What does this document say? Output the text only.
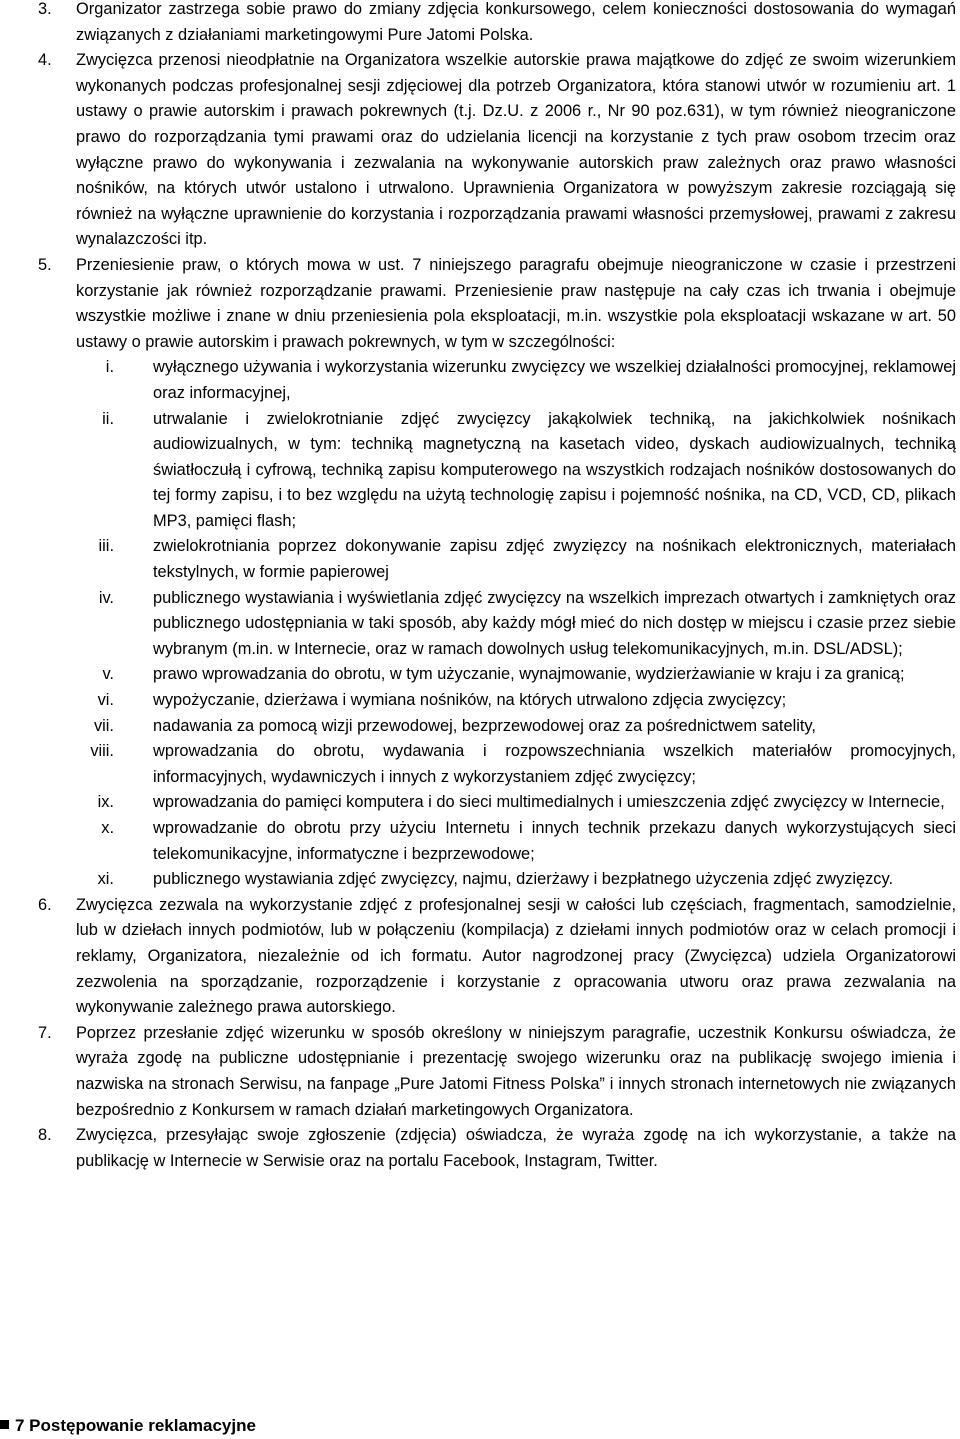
3. Organizator zastrzega sobie prawo do zmiany zdjęcia konkursowego, celem konieczności dostosowania do wymagań związanych z działaniami marketingowymi Pure Jatomi Polska.
4. Zwycięzca przenosi nieodpłatnie na Organizatora wszelkie autorskie prawa majątkowe do zdjęć ze swoim wizerunkiem wykonanych podczas profesjonalnej sesji zdjęciowej dla potrzeb Organizatora, która stanowi utwór w rozumieniu art. 1 ustawy o prawie autorskim i prawach pokrewnych (t.j. Dz.U. z 2006 r., Nr 90 poz.631), w tym również nieograniczone prawo do rozporządzania tymi prawami oraz do udzielania licencji na korzystanie z tych praw osobom trzecim oraz wyłączne prawo do wykonywania i zezwalania na wykonywanie autorskich praw zależnych oraz prawo własności nośników, na których utwór ustalono i utrwalono. Uprawnienia Organizatora w powyższym zakresie rozciągają się również na wyłączne uprawnienie do korzystania i rozporządzania prawami własności przemysłowej, prawami z zakresu wynalazczości itp.
5. Przeniesienie praw, o których mowa w ust. 7 niniejszego paragrafu obejmuje nieograniczone w czasie i przestrzeni korzystanie jak również rozporządzanie prawami. Przeniesienie praw następuje na cały czas ich trwania i obejmuje wszystkie możliwe i znane w dniu przeniesienia pola eksploatacji, m.in. wszystkie pola eksploatacji wskazane w art. 50 ustawy o prawie autorskim i prawach pokrewnych, w tym w szczególności:
i. wyłącznego używania i wykorzystania wizerunku zwycięzcy we wszelkiej działalności promocyjnej, reklamowej oraz informacyjnej,
ii. utrwalanie i zwielokrotnianie zdjęć zwycięzcy jakąkolwiek techniką, na jakichkolwiek nośnikach audiowizualnych, w tym: techniką magnetyczną na kasetach video, dyskach audiowizualnych, techniką światłoczułą i cyfrową, techniką zapisu komputerowego na wszystkich rodzajach nośników dostosowanych do tej formy zapisu, i to bez względu na użytą technologię zapisu i pojemność nośnika, na CD, VCD, CD, plikach MP3, pamięci flash;
iii. zwielokrotniania poprzez dokonywanie zapisu zdjęć zwyzięzcy na nośnikach elektronicznych, materiałach tekstylnych, w formie papierowej
iv. publicznego wystawiania i wyświetlania zdjęć zwycięzcy na wszelkich imprezach otwartych i zamkniętych oraz publicznego udostępniania w taki sposób, aby każdy mógł mieć do nich dostęp w miejscu i czasie przez siebie wybranym (m.in. w Internecie, oraz w ramach dowolnych usług telekomunikacyjnych, m.in. DSL/ADSL);
v. prawo wprowadzania do obrotu, w tym użyczanie, wynajmowanie, wydzierżawianie w kraju i za granicą;
vi. wypożyczanie, dzierżawa i wymiana nośników, na których utrwalono zdjęcia zwycięzcy;
vii. nadawania za pomocą wizji przewodowej, bezprzewodowej oraz za pośrednictwem satelity,
viii. wprowadzania do obrotu, wydawania i rozpowszechniania wszelkich materiałów promocyjnych, informacyjnych, wydawniczych i innych z wykorzystaniem zdjęć zwycięzcy;
ix. wprowadzania do pamięci komputera i do sieci multimedialnych i umieszczenia zdjęć zwycięzcy w Internecie,
x. wprowadzanie do obrotu przy użyciu Internetu i innych technik przekazu danych wykorzystujących sieci telekomunikacyjne, informatyczne i bezprzewodowe;
xi. publicznego wystawiania zdjęć zwycięzcy, najmu, dzierżawy i bezpłatnego użyczenia zdjęć zwyzięzcy.
6. Zwycięzca zezwala na wykorzystanie zdjęć z profesjonalnej sesji w całości lub częściach, fragmentach, samodzielnie, lub w dziełach innych podmiotów, lub w połączeniu (kompilacja) z dziełami innych podmiotów oraz w celach promocji i reklamy, Organizatora, niezależnie od ich formatu. Autor nagrodzonej pracy (Zwycięzca) udziela Organizatorowi zezwolenia na sporządzanie, rozporządzenie i korzystanie z opracowania utworu oraz prawa zezwalania na wykonywanie zależnego prawa autorskiego.
7. Poprzez przesłanie zdjęć wizerunku w sposób określony w niniejszym paragrafie, uczestnik Konkursu oświadcza, że wyraża zgodę na publiczne udostępnianie i prezentację swojego wizerunku oraz na publikację swojego imienia i nazwiska na stronach Serwisu, na fanpage „Pure Jatomi Fitness Polska” i innych stronach internetowych nie związanych bezpośrednio z Konkursem w ramach działań marketingowych Organizatora.
8. Zwycięzca, przesyłając swoje zgłoszenie (zdjęcia) oświadcza, że wyraża zgodę na ich wykorzystanie, a także na publikację w Internecie w Serwisie oraz na portalu Facebook, Instagram, Twitter.
7 Postępowanie reklamacyjne
